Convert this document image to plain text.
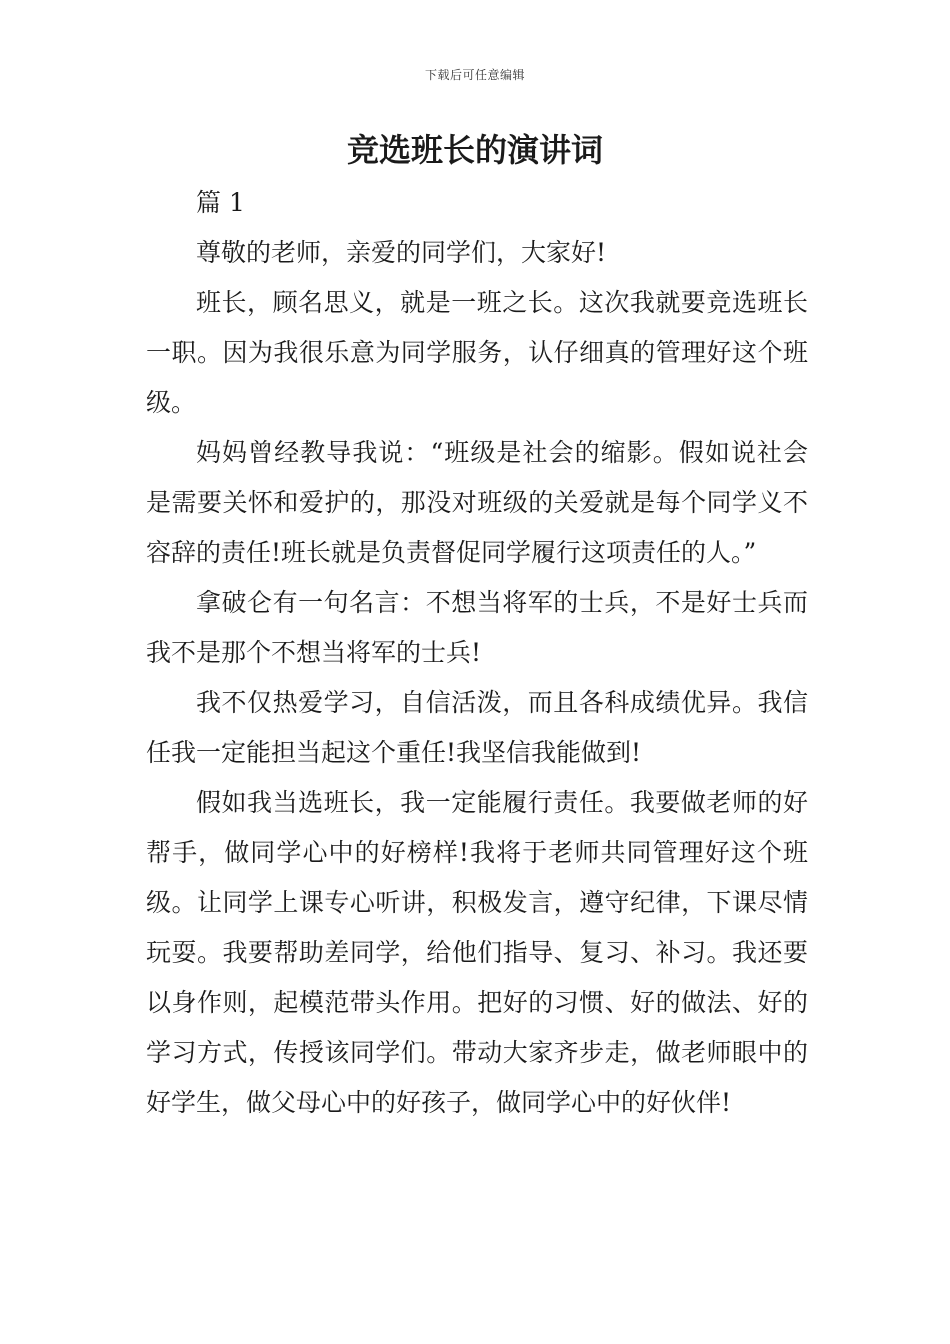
下载后可任意编辑
竞选班长的演讲词

篇 1

尊敬的老师，亲爱的同学们，大家好!

班长，顾名思义，就是一班之长。这次我就要竞选班长一职。因为我很乐意为同学服务，认仔细真的管理好这个班级。

妈妈曾经教导我说：“班级是社会的缩影。假如说社会是需要关怀和爱护的，那没对班级的关爱就是每个同学义不容辞的责任!班长就是负责督促同学履行这项责任的人。”

拿破仑有一句名言：不想当将军的士兵，不是好士兵而我不是那个不想当将军的士兵!

我不仅热爱学习，自信活泼，而且各科成绩优异。我信任我一定能担当起这个重任!我坚信我能做到!

假如我当选班长，我一定能履行责任。我要做老师的好帮手，做同学心中的好榜样!我将于老师共同管理好这个班级。让同学上课专心听讲，积极发言，遵守纪律，下课尽情玩耍。我要帮助差同学，给他们指导、复习、补习。我还要以身作则，起模范带头作用。把好的习惯、好的做法、好的学习方式，传授该同学们。带动大家齐步走，做老师眼中的好学生，做父母心中的好孩子，做同学心中的好伙伴!
